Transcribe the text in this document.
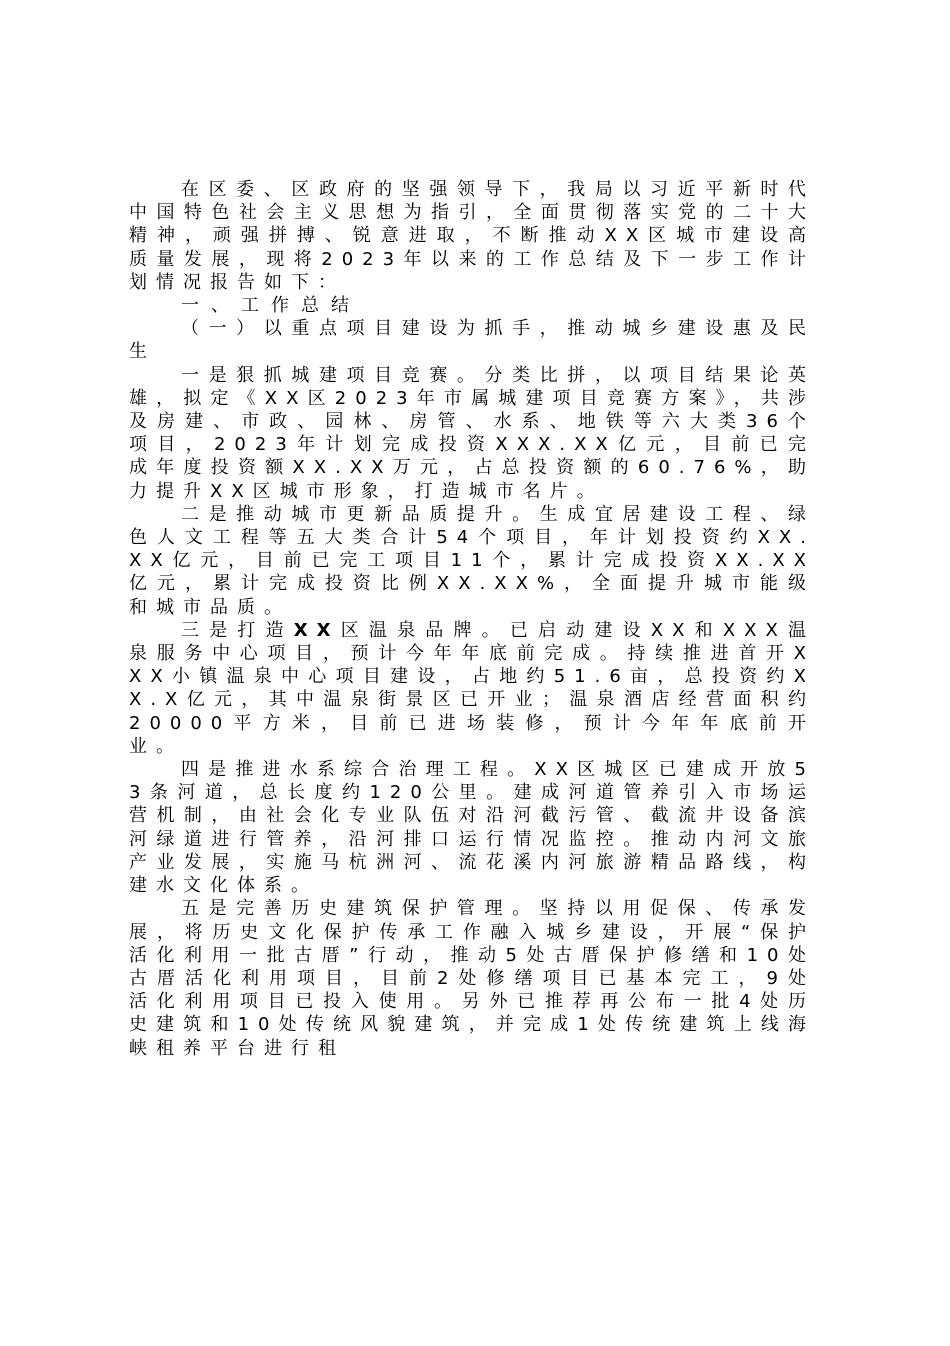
在区委、区政府的坚强领导下，我局以习近平新时代中国特色社会主义思想为指引，全面贯彻落实党的二十大精神，顽强拼搏、锐意进取，不断推动XX区城市建设高质量发展，现将2023年以来的工作总结及下一步工作计划情况报告如下：

一、工作总结

（一）以重点项目建设为抓手，推动城乡建设惠及民生

一是狠抓城建项目竞赛。分类比拼，以项目结果论英雄，拟定《XX区2023年市属城建项目竞赛方案》，共涉及房建、市政、园林、房管、水系、地铁等六大类36个项目，2023年计划完成投资XXX.XX亿元，目前已完成年度投资额XX.XX万元，占总投资额的60.76%，助力提升XX区城市形象，打造城市名片。

二是推动城市更新品质提升。生成宜居建设工程、绿色人文工程等五大类合计54个项目，年计划投资约XX.XX亿元，目前已完工项目11个，累计完成投资XX.XX亿元，累计完成投资比例XX.XX%，全面提升城市能级和城市品质。

三是打造XX区温泉品牌。已启动建设XX和XXX温泉服务中心项目，预计今年年底前完成。持续推进首开XXX小镇温泉中心项目建设，占地约51.6亩，总投资约XX.X亿元，其中温泉街景区已开业；温泉酒店经营面积约20000平方米，目前已进场装修，预计今年年底前开业。

四是推进水系综合治理工程。XX区城区已建成开放53条河道，总长度约120公里。建成河道管养引入市场运营机制，由社会化专业队伍对沿河截污管、截流井设备滨河绿道进行管养，沿河排口运行情况监控。推动内河文旅产业发展，实施马杭洲河、流花溪内河旅游精品路线，构建水文化体系。

五是完善历史建筑保护管理。坚持以用促保、传承发展，将历史文化保护传承工作融入城乡建设，开展“保护活化利用一批古厝”行动，推动5处古厝保护修缮和10处古厝活化利用项目，目前2处修缮项目已基本完工，9处活化利用项目已投入使用。另外已推荐再公布一批4处历史建筑和10处传统风貌建筑，并完成1处传统建筑上线海峡租养平台进行租
